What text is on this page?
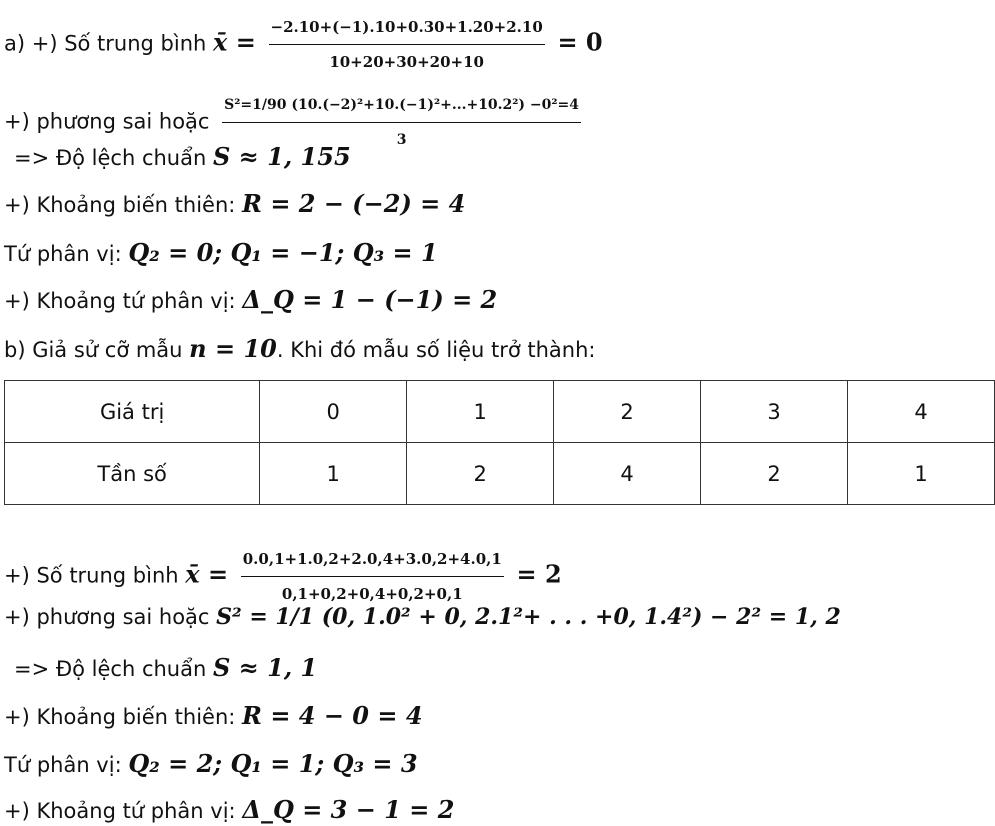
a) +) Số trung bình x̄ = $\frac{-2.10+(-1).10+0.30+1.20+2.10}{10+20+30+20+10} = 0$
+) phương sai hoặc $\frac{\text{S²=1/90 (10.(−2)²+10.(−1)²+...+10.2²) −0²=4}}{3}$
=> Độ lệch chuẩn S ≈ 1, 155
+) Khoảng biến thiên: R = 2 − (−2) = 4
Tứ phân vị: Q₂ = 0; Q₁ = −1; Q₃ = 1
+) Khoảng tứ phân vị: Δ_Q = 1 − (−1) = 2
b) Giả sử cỡ mẫu n = 10. Khi đó mẫu số liệu trở thành:
Giá trị	0	1	2	3	4
Tần số	1	2	4	2	1
+) Số trung bình x̄ = $\frac{0.0,1+1.0,2+2.0,4+3.0,2+4.0,1}{0,1+0,2+0,4+0,2+0,1} = 2$
+) phương sai hoặc S² = 1/1 (0, 1.0² + 0, 2.1²+ . . . +0, 1.4²) − 2² = 1, 2
=> Độ lệch chuẩn S ≈ 1, 1
+) Khoảng biến thiên: R = 4 − 0 = 4
Tứ phân vị: Q₂ = 2; Q₁ = 1; Q₃ = 3
+) Khoảng tứ phân vị: Δ_Q = 3 − 1 = 2
